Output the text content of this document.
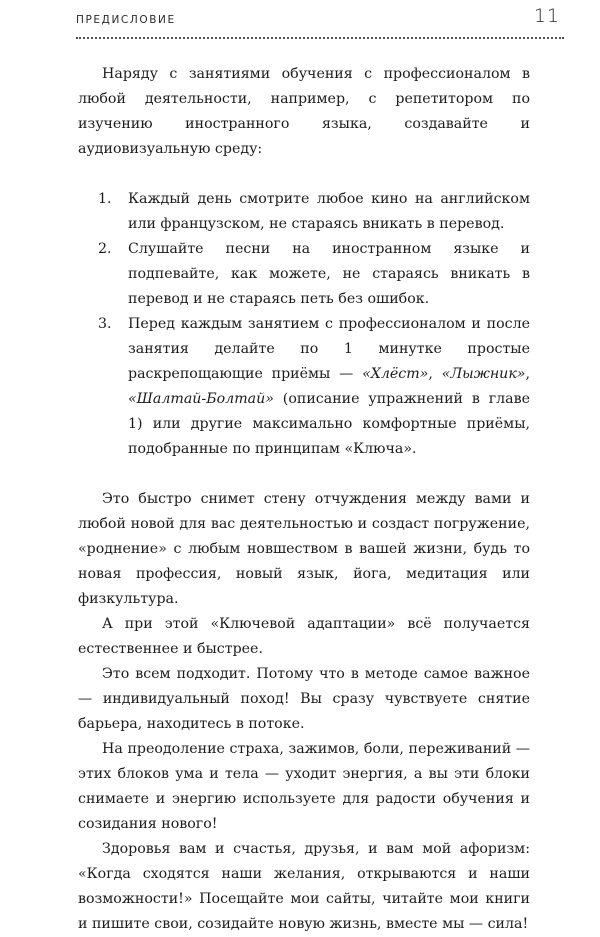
ПРЕДИСЛОВИЕ	11

Наряду с занятиями обучения с профессионалом в любой деятельности, например, с репетитором по изучению иностранного языка, создавайте и аудиовизуальную среду:

1. Каждый день смотрите любое кино на английском или французском, не стараясь вникать в перевод.
2. Слушайте песни на иностранном языке и подпевайте, как можете, не стараясь вникать в перевод и не стараясь петь без ошибок.
3. Перед каждым занятием с профессионалом и после занятия делайте по 1 минутке простые раскрепощающие приёмы — «Хлёст», «Лыжник», «Шалтай-Болтай» (описание упражнений в главе 1) или другие максимально комфортные приёмы, подобранные по принципам «Ключа».

Это быстро снимет стену отчуждения между вами и любой новой для вас деятельностью и создаст погружение, «роднение» с любым новшеством в вашей жизни, будь то новая профессия, новый язык, йога, медитация или физкультура.

А при этой «Ключевой адаптации» всё получается естественнее и быстрее.

Это всем подходит. Потому что в методе самое важное — индивидуальный поход! Вы сразу чувствуете снятие барьера, находитесь в потоке.

На преодоление страха, зажимов, боли, переживаний — этих блоков ума и тела — уходит энергия, а вы эти блоки снимаете и энергию используете для радости обучения и созидания нового!

Здоровья вам и счастья, друзья, и вам мой афоризм: «Когда сходятся наши желания, открываются и наши возможности!» Посещайте мои сайты, читайте мои книги и пишите свои, созидайте новую жизнь, вместе мы — сила!
